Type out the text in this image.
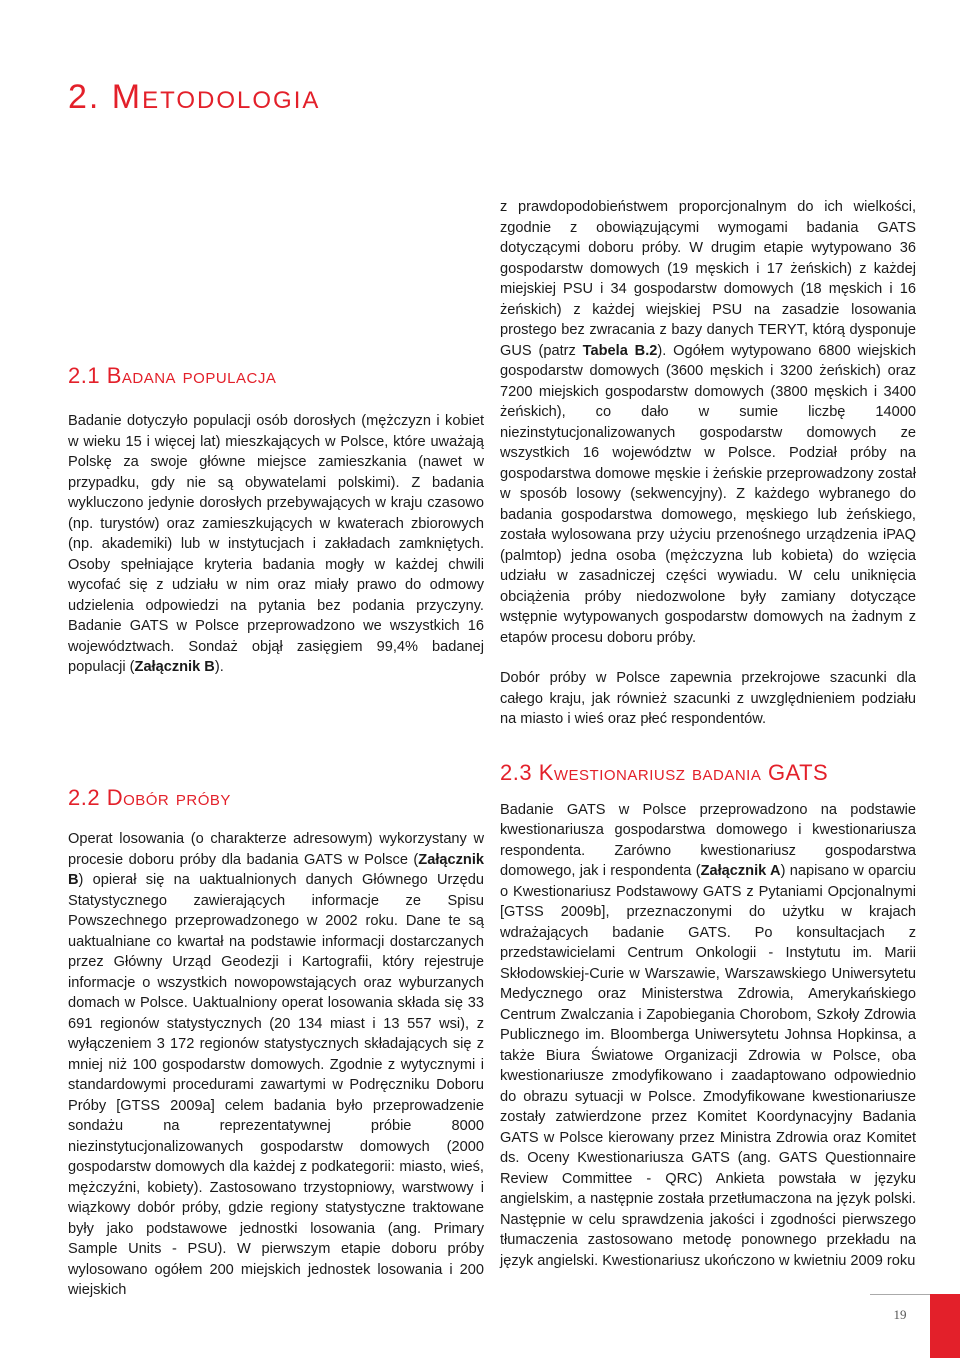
2. Metodologia
2.1 Badana populacja

Badanie dotyczyło populacji osób dorosłych (mężczyzn i kobiet w wieku 15 i więcej lat) mieszkających w Polsce, które uważają Polskę za swoje główne miejsce zamieszkania (nawet w przypadku, gdy nie są obywatelami polskimi). Z badania wykluczono jedynie dorosłych przebywających w kraju czasowo (np. turystów) oraz zamieszkujących w kwaterach zbiorowych (np. akademiki) lub w instytucjach i zakładach zamkniętych. Osoby spełniające kryteria badania mogły w każdej chwili wycofać się z udziału w nim oraz miały prawo do odmowy udzielenia odpowiedzi na pytania bez podania przyczyny. Badanie GATS w Polsce przeprowadzono we wszystkich 16 województwach. Sondaż objął zasięgiem 99,4% badanej populacji (Załącznik B).

2.2 Dobór próby

Operat losowania (o charakterze adresowym) wykorzystany w procesie doboru próby dla badania GATS w Polsce (Załącznik B) opierał się na uaktualnionych danych Głównego Urzędu Statystycznego zawierających informacje ze Spisu Powszechnego przeprowadzonego w 2002 roku. Dane te są uaktualniane co kwartał na podstawie informacji dostarczanych przez Główny Urząd Geodezji i Kartografii, który rejestruje informacje o wszystkich nowopowstających oraz wyburzanych domach w Polsce. Uaktualniony operat losowania składa się 33 691 regionów statystycznych (20 134 miast i 13 557 wsi), z wyłączeniem 3 172 regionów statystycznych składających się z mniej niż 100 gospodarstw domowych. Zgodnie z wytycznymi i standardowymi procedurami zawartymi w Podręczniku Doboru Próby [GTSS 2009a] celem badania było przeprowadzenie sondażu na reprezentatywnej próbie 8000 niezinstytucjonalizowanych gospodarstw domowych (2000 gospodarstw domowych dla każdej z podkategorii: miasto, wieś, mężczyźni, kobiety). Zastosowano trzystopniowy, warstwowy i wiązkowy dobór próby, gdzie regiony statystyczne traktowane były jako podstawowe jednostki losowania (ang. Primary Sample Units - PSU). W pierwszym etapie doboru próby wylosowano ogółem 200 miejskich jednostek losowania i 200 wiejskich

z prawdopodobieństwem proporcjonalnym do ich wielkości, zgodnie z obowiązującymi wymogami badania GATS dotyczącymi doboru próby. W drugim etapie wytypowano 36 gospodarstw domowych (19 męskich i 17 żeńskich) z każdej miejskiej PSU i 34 gospodarstw domowych (18 męskich i 16 żeńskich) z każdej wiejskiej PSU na zasadzie losowania prostego bez zwracania z bazy danych TERYT, którą dysponuje GUS (patrz Tabela B.2). Ogółem wytypowano 6800 wiejskich gospodarstw domowych (3600 męskich i 3200 żeńskich) oraz 7200 miejskich gospodarstw domowych (3800 męskich i 3400 żeńskich), co dało w sumie liczbę 14000 niezinstytucjonalizowanych gospodarstw domowych ze wszystkich 16 województw w Polsce. Podział próby na gospodarstwa domowe męskie i żeńskie przeprowadzony został w sposób losowy (sekwencyjny). Z każdego wybranego do badania gospodarstwa domowego, męskiego lub żeńskiego, została wylosowana przy użyciu przenośnego urządzenia iPAQ (palmtop) jedna osoba (mężczyzna lub kobieta) do wzięcia udziału w zasadniczej części wywiadu. W celu uniknięcia obciążenia próby niedozwolone były zamiany dotyczące wstępnie wytypowanych gospodarstw domowych na żadnym z etapów procesu doboru próby.

Dobór próby w Polsce zapewnia przekrojowe szacunki dla całego kraju, jak również szacunki z uwzględnieniem podziału na miasto i wieś oraz płeć respondentów.

2.3 Kwestionariusz badania GATS

Badanie GATS w Polsce przeprowadzono na podstawie kwestionariusza gospodarstwa domowego i kwestionariusza respondenta. Zarówno kwestionariusz gospodarstwa domowego, jak i respondenta (Załącznik A) napisano w oparciu o Kwestionariusz Podstawowy GATS z Pytaniami Opcjonalnymi [GTSS 2009b], przeznaczonymi do użytku w krajach wdrażających badanie GATS. Po konsultacjach z przedstawicielami Centrum Onkologii - Instytutu im. Marii Skłodowskiej-Curie w Warszawie, Warszawskiego Uniwersytetu Medycznego oraz Ministerstwa Zdrowia, Amerykańskiego Centrum Zwalczania i Zapobiegania Chorobom, Szkoły Zdrowia Publicznego im. Bloomberga Uniwersytetu Johnsa Hopkinsa, a także Biura Światowe Organizacji Zdrowia w Polsce, oba kwestionariusze zmodyfikowano i zaadaptowano odpowiednio do obrazu sytuacji w Polsce. Zmodyfikowane kwestionariusze zostały zatwierdzone przez Komitet Koordynacyjny Badania GATS w Polsce kierowany przez Ministra Zdrowia oraz Komitet ds. Oceny Kwestionariusza GATS (ang. GATS Questionnaire Review Committee - QRC) Ankieta powstała w języku angielskim, a następnie została przetłumaczona na język polski. Następnie w celu sprawdzenia jakości i zgodności pierwszego tłumaczenia zastosowano metodę ponownego przekładu na język angielski. Kwestionariusz ukończono w kwietniu 2009 roku

19
